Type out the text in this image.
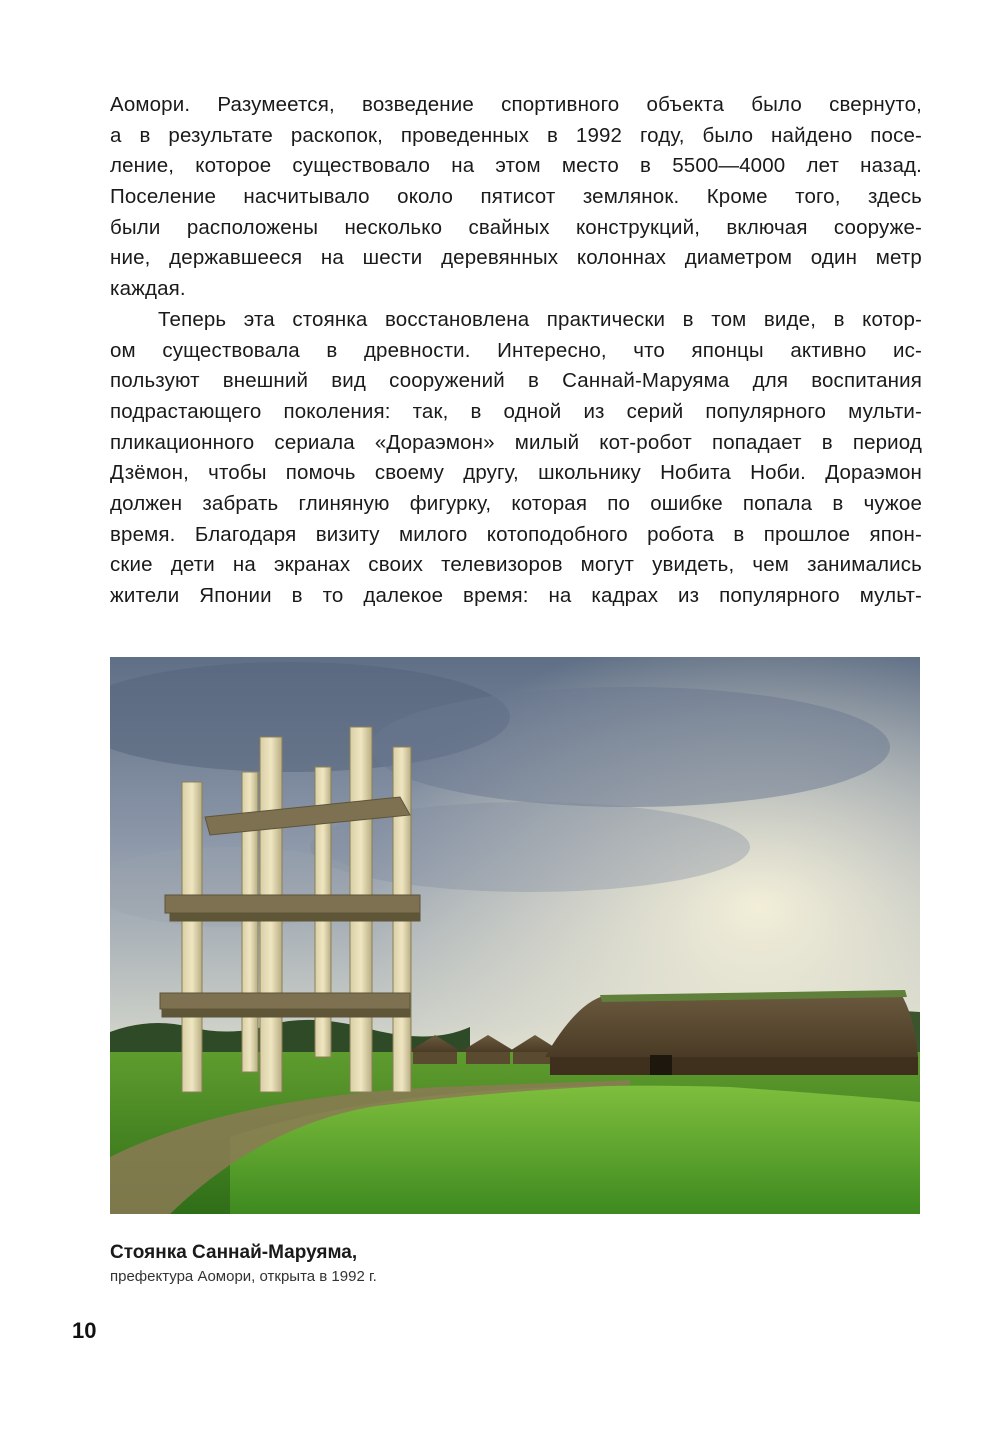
Аомори. Разумеется, возведение спортивного объекта было свернуто,
а в результате раскопок, проведенных в 1992 году, было найдено посе-
ление, которое существовало на этом место в 5500—4000 лет назад.
Поселение насчитывало около пятисот землянок. Кроме того, здесь
были расположены несколько свайных конструкций, включая сооруже-
ние, державшееся на шести деревянных колоннах диаметром один метр
каждая.
Теперь эта стоянка восстановлена практически в том виде, в котор-
ом существовала в древности. Интересно, что японцы активно ис-
пользуют внешний вид сооружений в Саннай-Маруяма для воспитания
подрастающего поколения: так, в одной из серий популярного мульти-
пликационного сериала «Дораэмон» милый кот-робот попадает в период
Дзёмон, чтобы помочь своему другу, школьнику Нобита Ноби. Дораэмон
должен забрать глиняную фигурку, которая по ошибке попала в чужое
время. Благодаря визиту милого котоподобного робота в прошлое япон-
ские дети на экранах своих телевизоров могут увидеть, чем занимались
жители Японии в то далекое время: на кадрах из популярного мульт-
Стоянка Саннай-Маруяма,
префектура Аомори, открыта в 1992 г.
10
